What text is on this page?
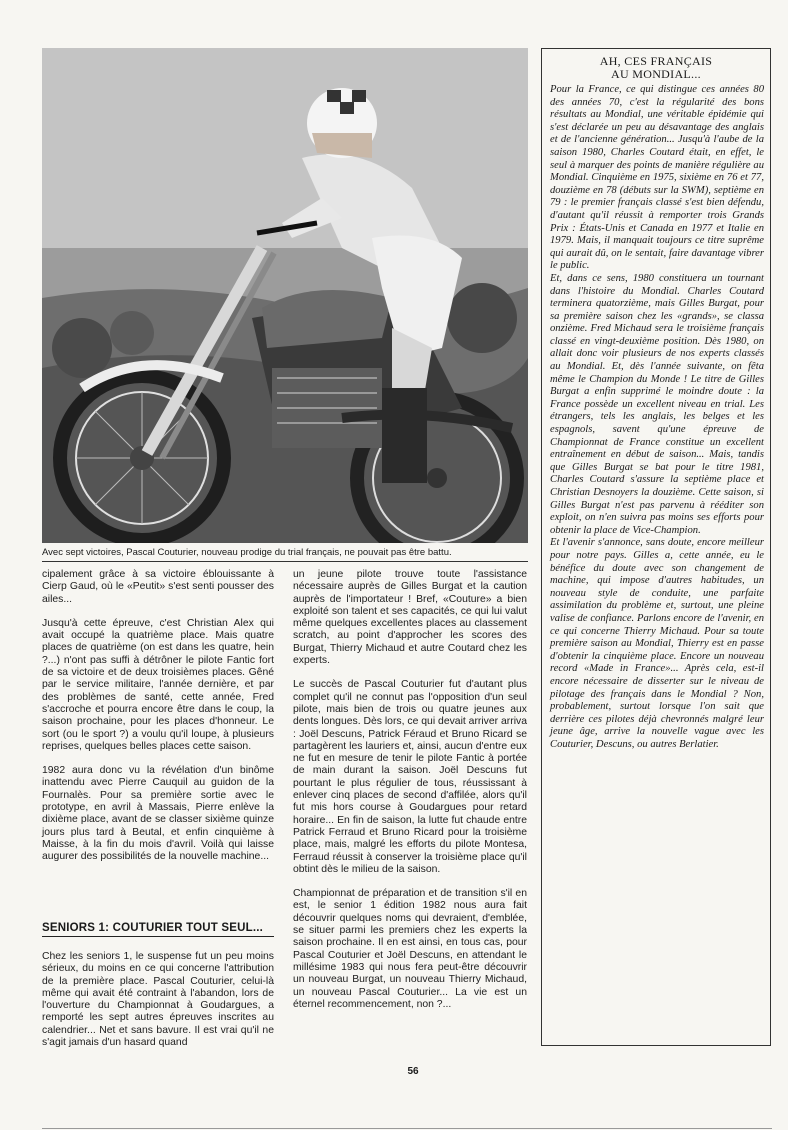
Avec sept victoires, Pascal Couturier, nouveau prodige du trial français, ne pouvait pas être battu.

cipalement grâce à sa victoire éblouissante à Cierp Gaud, où le «Peutit» s'est senti pousser des ailes...

Jusqu'à cette épreuve, c'est Christian Alex qui avait occupé la quatrième place. Mais quatre places de quatrième (on est dans les quatre, hein ?...) n'ont pas suffi à détrôner le pilote Fantic fort de sa victoire et de deux troisièmes places. Gêné par le service militaire, l'année dernière, et par des problèmes de santé, cette année, Fred s'accroche et pourra encore être dans le coup, la saison prochaine, pour les places d'honneur. Le sort (ou le sport ?) a voulu qu'il loupe, à plusieurs reprises, quelques belles places cette saison.

1982 aura donc vu la révélation d'un binôme inattendu avec Pierre Cauquil au guidon de la Fournalès. Pour sa première sortie avec le prototype, en avril à Massais, Pierre enlève la dixième place, avant de se classer sixième quinze jours plus tard à Beutal, et enfin cinquième à Maisse, à la fin du mois d'avril. Voilà qui laisse augurer des possibilités de la nouvelle machine...

SENIORS 1: COUTURIER TOUT SEUL...

Chez les seniors 1, le suspense fut un peu moins sérieux, du moins en ce qui concerne l'attribution de la première place. Pascal Couturier, celui-là même qui avait été contraint à l'abandon, lors de l'ouverture du Championnat à Goudargues, a remporté les sept autres épreuves inscrites au calendrier... Net et sans bavure. Il est vrai qu'il ne s'agit jamais d'un hasard quand

un jeune pilote trouve toute l'assistance nécessaire auprès de Gilles Burgat et la caution auprès de l'importateur ! Bref, «Couture» a bien exploité son talent et ses capacités, ce qui lui valut même quelques excellentes places au classement scratch, au point d'approcher les scores des Burgat, Thierry Michaud et autre Coutard chez les experts.

Le succès de Pascal Couturier fut d'autant plus complet qu'il ne connut pas l'opposition d'un seul pilote, mais bien de trois ou quatre jeunes aux dents longues. Dès lors, ce qui devait arriver arriva : Joël Descuns, Patrick Féraud et Bruno Ricard se partagèrent les lauriers et, ainsi, aucun d'entre eux ne fut en mesure de tenir le pilote Fantic à portée de main durant la saison. Joël Descuns fut pourtant le plus régulier de tous, réussissant à enlever cinq places de second d'affilée, alors qu'il fut mis hors course à Goudargues pour retard horaire... En fin de saison, la lutte fut chaude entre Patrick Ferraud et Bruno Ricard pour la troisième place, mais, malgré les efforts du pilote Montesa, Ferraud réussit à conserver la troisième place qu'il obtint dès le milieu de la saison.

Championnat de préparation et de transition s'il en est, le senior 1 édition 1982 nous aura fait découvrir quelques noms qui devraient, d'emblée, se situer parmi les premiers chez les experts la saison prochaine. Il en est ainsi, en tous cas, pour Pascal Couturier et Joël Descuns, en attendant le millésime 1983 qui nous fera peut-être découvrir un nouveau Burgat, un nouveau Thierry Michaud, un nouveau Pascal Couturier... La vie est un éternel recommencement, non ?...

AH, CES FRANÇAIS
AU MONDIAL...

Pour la France, ce qui distingue ces années 80 des années 70, c'est la régularité des bons résultats au Mondial, une véritable épidémie qui s'est déclarée un peu au désavantage des anglais et de l'ancienne génération... Jusqu'à l'aube de la saison 1980, Charles Coutard était, en effet, le seul à marquer des points de manière régulière au Mondial. Cinquième en 1975, sixième en 76 et 77, douzième en 78 (débuts sur la SWM), septième en 79 : le premier français classé s'est bien défendu, d'autant qu'il réussit à remporter trois Grands Prix : États-Unis et Canada en 1977 et Italie en 1979. Mais, il manquait toujours ce titre suprême qui aurait dû, on le sentait, faire davantage vibrer le public.

Et, dans ce sens, 1980 constituera un tournant dans l'histoire du Mondial. Charles Coutard terminera quatorzième, mais Gilles Burgat, pour sa première saison chez les «grands», se classa onzième. Fred Michaud sera le troisième français classé en vingt-deuxième position. Dès 1980, on allait donc voir plusieurs de nos experts classés au Mondial. Et, dès l'année suivante, on fêta même le Champion du Monde ! Le titre de Gilles Burgat a enfin supprimé le moindre doute : la France possède un excellent niveau en trial. Les étrangers, tels les anglais, les belges et les espagnols, savent qu'une épreuve de Championnat de France constitue un excellent entraînement en début de saison... Mais, tandis que Gilles Burgat se bat pour le titre 1981, Charles Coutard s'assure la septième place et Christian Desnoyers la douzième. Cette saison, si Gilles Burgat n'est pas parvenu à rééditer son exploit, on n'en suivra pas moins ses efforts pour obtenir la place de Vice-Champion.

Et l'avenir s'annonce, sans doute, encore meilleur pour notre pays. Gilles a, cette année, eu le bénéfice du doute avec son changement de machine, qui impose d'autres habitudes, un nouveau style de conduite, une parfaite assimilation du problème et, surtout, une pleine valise de confiance. Parlons encore de l'avenir, en ce qui concerne Thierry Michaud. Pour sa toute première saison au Mondial, Thierry est en passe d'obtenir la cinquième place. Encore un nouveau record «Made in France»... Après cela, est-il encore nécessaire de disserter sur le niveau de pilotage des français dans le Mondial ? Non, probablement, surtout lorsque l'on sait que derrière ces pilotes déjà chevronnés malgré leur jeune âge, arrive la nouvelle vague avec les Couturier, Descuns, ou autres Berlatier.

56
